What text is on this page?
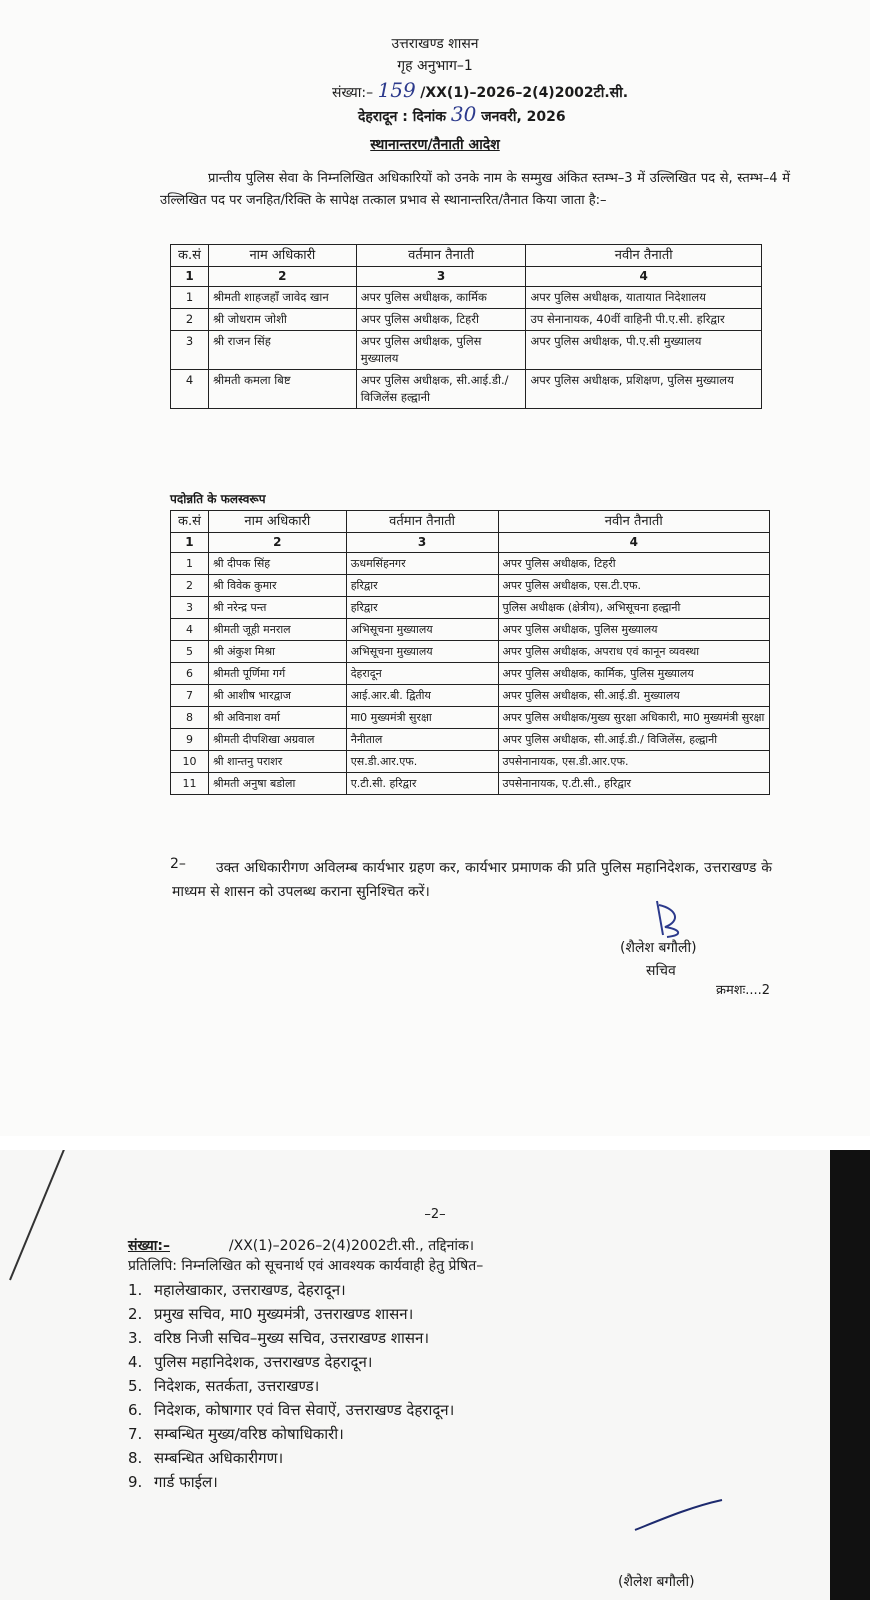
उत्तराखण्ड शासन
गृह अनुभाग–1
संख्या:– 159 /XX(1)–2026–2(4)2002टी.सी.
देहरादून : दिनांक 30 जनवरी, 2026
स्थानान्तरण/तैनाती आदेश
प्रान्तीय पुलिस सेवा के निम्नलिखित अधिकारियों को उनके नाम के सम्मुख अंकित स्तम्भ–3 में उल्लिखित पद से, स्तम्भ–4 में उल्लिखित पद पर जनहित/रिक्ति के सापेक्ष तत्काल प्रभाव से स्थानान्तरित/तैनात किया जाता है:–
क.सं	नाम अधिकारी	वर्तमान तैनाती	नवीन तैनाती
1	2	3	4
1	श्रीमती शाहजहाँ जावेद खान	अपर पुलिस अधीक्षक, कार्मिक	अपर पुलिस अधीक्षक, यातायात निदेशालय
2	श्री जोधराम जोशी	अपर पुलिस अधीक्षक, टिहरी	उप सेनानायक, 40वीं वाहिनी पी.ए.सी. हरिद्वार
3	श्री राजन सिंह	अपर पुलिस अधीक्षक, पुलिस मुख्यालय	अपर पुलिस अधीक्षक, पी.ए.सी मुख्यालय
4	श्रीमती कमला बिष्ट	अपर पुलिस अधीक्षक, सी.आई.डी./विजिलेंस हल्द्वानी	अपर पुलिस अधीक्षक, प्रशिक्षण, पुलिस मुख्यालय
पदोन्नति के फलस्वरूप
क.सं	नाम अधिकारी	वर्तमान तैनाती	नवीन तैनाती
1	2	3	4
1	श्री दीपक सिंह	ऊधमसिंहनगर	अपर पुलिस अधीक्षक, टिहरी
2	श्री विवेक कुमार	हरिद्वार	अपर पुलिस अधीक्षक, एस.टी.एफ.
3	श्री नरेन्द्र पन्त	हरिद्वार	पुलिस अधीक्षक (क्षेत्रीय), अभिसूचना हल्द्वानी
4	श्रीमती जूही मनराल	अभिसूचना मुख्यालय	अपर पुलिस अधीक्षक, पुलिस मुख्यालय
5	श्री अंकुश मिश्रा	अभिसूचना मुख्यालय	अपर पुलिस अधीक्षक, अपराध एवं कानून व्यवस्था
6	श्रीमती पूर्णिमा गर्ग	देहरादून	अपर पुलिस अधीक्षक, कार्मिक, पुलिस मुख्यालय
7	श्री आशीष भारद्वाज	आई.आर.बी. द्वितीय	अपर पुलिस अधीक्षक, सी.आई.डी. मुख्यालय
8	श्री अविनाश वर्मा	मा0 मुख्यमंत्री सुरक्षा	अपर पुलिस अधीक्षक/मुख्य सुरक्षा अधिकारी, मा0 मुख्यमंत्री सुरक्षा
9	श्रीमती दीपशिखा अग्रवाल	नैनीताल	अपर पुलिस अधीक्षक, सी.आई.डी./ विजिलेंस, हल्द्वानी
10	श्री शान्तनु पराशर	एस.डी.आर.एफ.	उपसेनानायक, एस.डी.आर.एफ.
11	श्रीमती अनुषा बडोला	ए.टी.सी. हरिद्वार	उपसेनानायक, ए.टी.सी., हरिद्वार
2–	उक्त अधिकारीगण अविलम्ब कार्यभार ग्रहण कर, कार्यभार प्रमाणक की प्रति पुलिस महानिदेशक, उत्तराखण्ड के माध्यम से शासन को उपलब्ध कराना सुनिश्चित करें।
(शैलेश बगौली)
सचिव
क्रमशः....2
–2–
संख्या:–	/XX(1)–2026–2(4)2002टी.सी., तद्दिनांक।
प्रतिलिपि: निम्नलिखित को सूचनार्थ एवं आवश्यक कार्यवाही हेतु प्रेषित–
1. महालेखाकार, उत्तराखण्ड, देहरादून।
2. प्रमुख सचिव, मा0 मुख्यमंत्री, उत्तराखण्ड शासन।
3. वरिष्ठ निजी सचिव–मुख्य सचिव, उत्तराखण्ड शासन।
4. पुलिस महानिदेशक, उत्तराखण्ड देहरादून।
5. निदेशक, सतर्कता, उत्तराखण्ड।
6. निदेशक, कोषागार एवं वित्त सेवाऐं, उत्तराखण्ड देहरादून।
7. सम्बन्धित मुख्य/वरिष्ठ कोषाधिकारी।
8. सम्बन्धित अधिकारीगण।
9. गार्ड फाईल।
(शैलेश बगौली)
